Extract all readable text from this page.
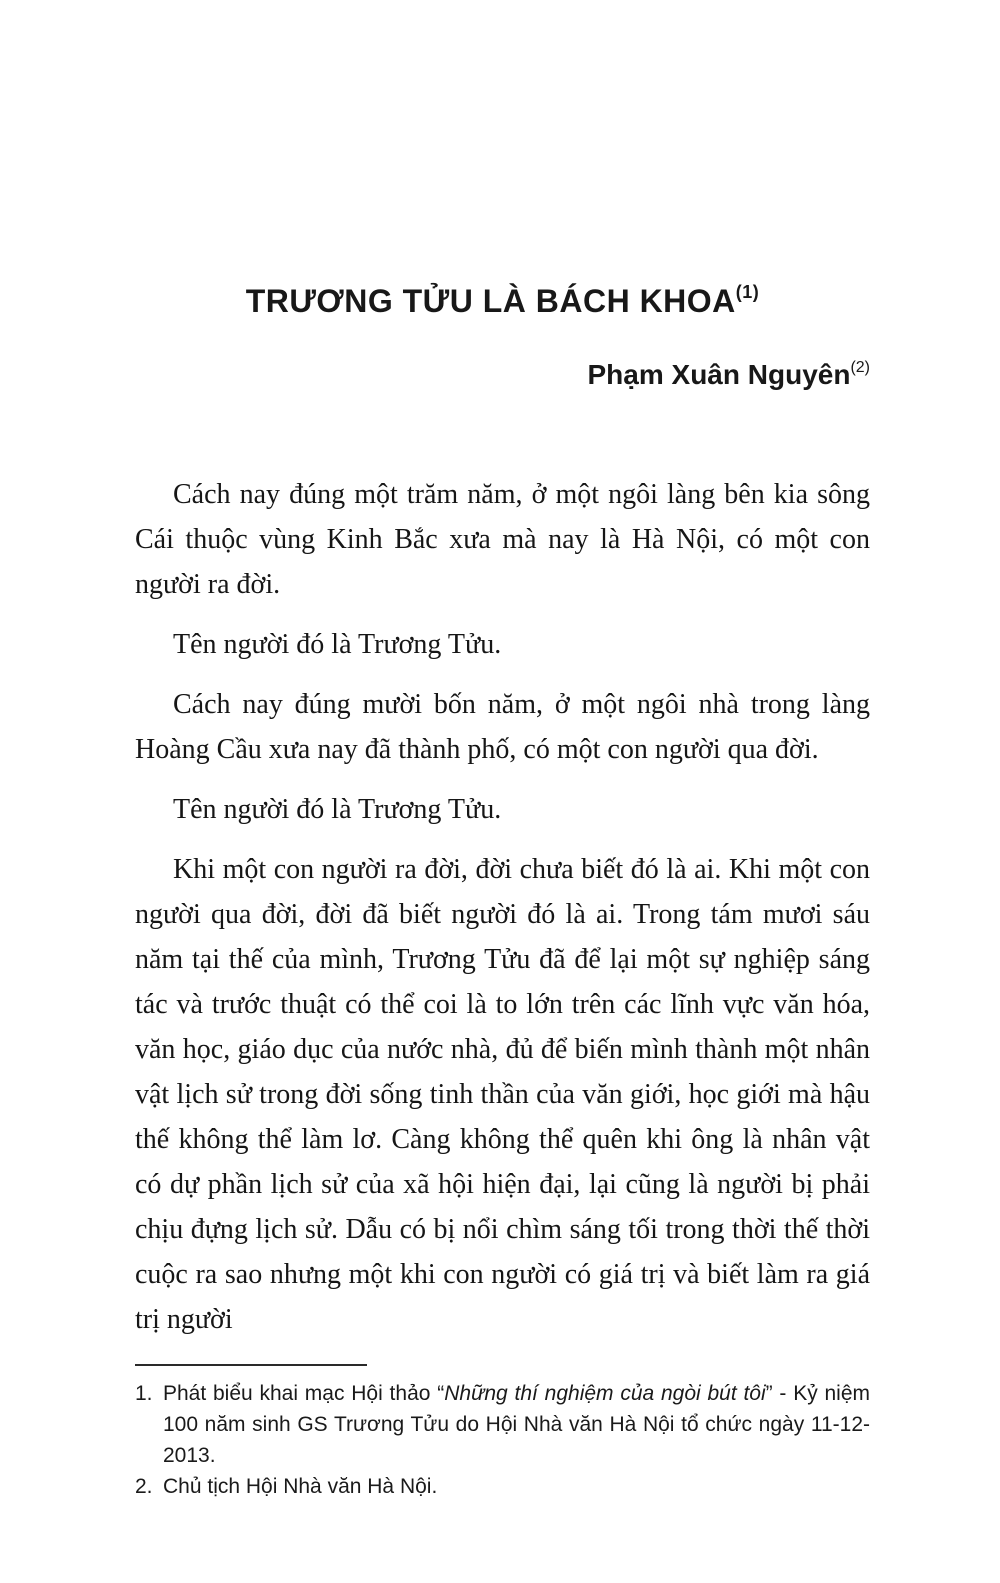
TRƯƠNG TỬU LÀ BÁCH KHOA$^{(1)}$
Phạm Xuân Nguyên$^{(2)}$

Cách nay đúng một trăm năm, ở một ngôi làng bên kia sông Cái thuộc vùng Kinh Bắc xưa mà nay là Hà Nội, có một con người ra đời.

Tên người đó là Trương Tửu.

Cách nay đúng mười bốn năm, ở một ngôi nhà trong làng Hoàng Cầu xưa nay đã thành phố, có một con người qua đời.

Tên người đó là Trương Tửu.

Khi một con người ra đời, đời chưa biết đó là ai. Khi một con người qua đời, đời đã biết người đó là ai. Trong tám mươi sáu năm tại thế của mình, Trương Tửu đã để lại một sự nghiệp sáng tác và trước thuật có thể coi là to lớn trên các lĩnh vực văn hóa, văn học, giáo dục của nước nhà, đủ để biến mình thành một nhân vật lịch sử trong đời sống tinh thần của văn giới, học giới mà hậu thế không thể làm lơ. Càng không thể quên khi ông là nhân vật có dự phần lịch sử của xã hội hiện đại, lại cũng là người bị phải chịu đựng lịch sử. Dẫu có bị nổi chìm sáng tối trong thời thế thời cuộc ra sao nhưng một khi con người có giá trị và biết làm ra giá trị người

1. Phát biểu khai mạc Hội thảo “Những thí nghiệm của ngòi bút tôi” - Kỷ niệm 100 năm sinh GS Trương Tửu do Hội Nhà văn Hà Nội tổ chức ngày 11-12-2013.
2. Chủ tịch Hội Nhà văn Hà Nội.
